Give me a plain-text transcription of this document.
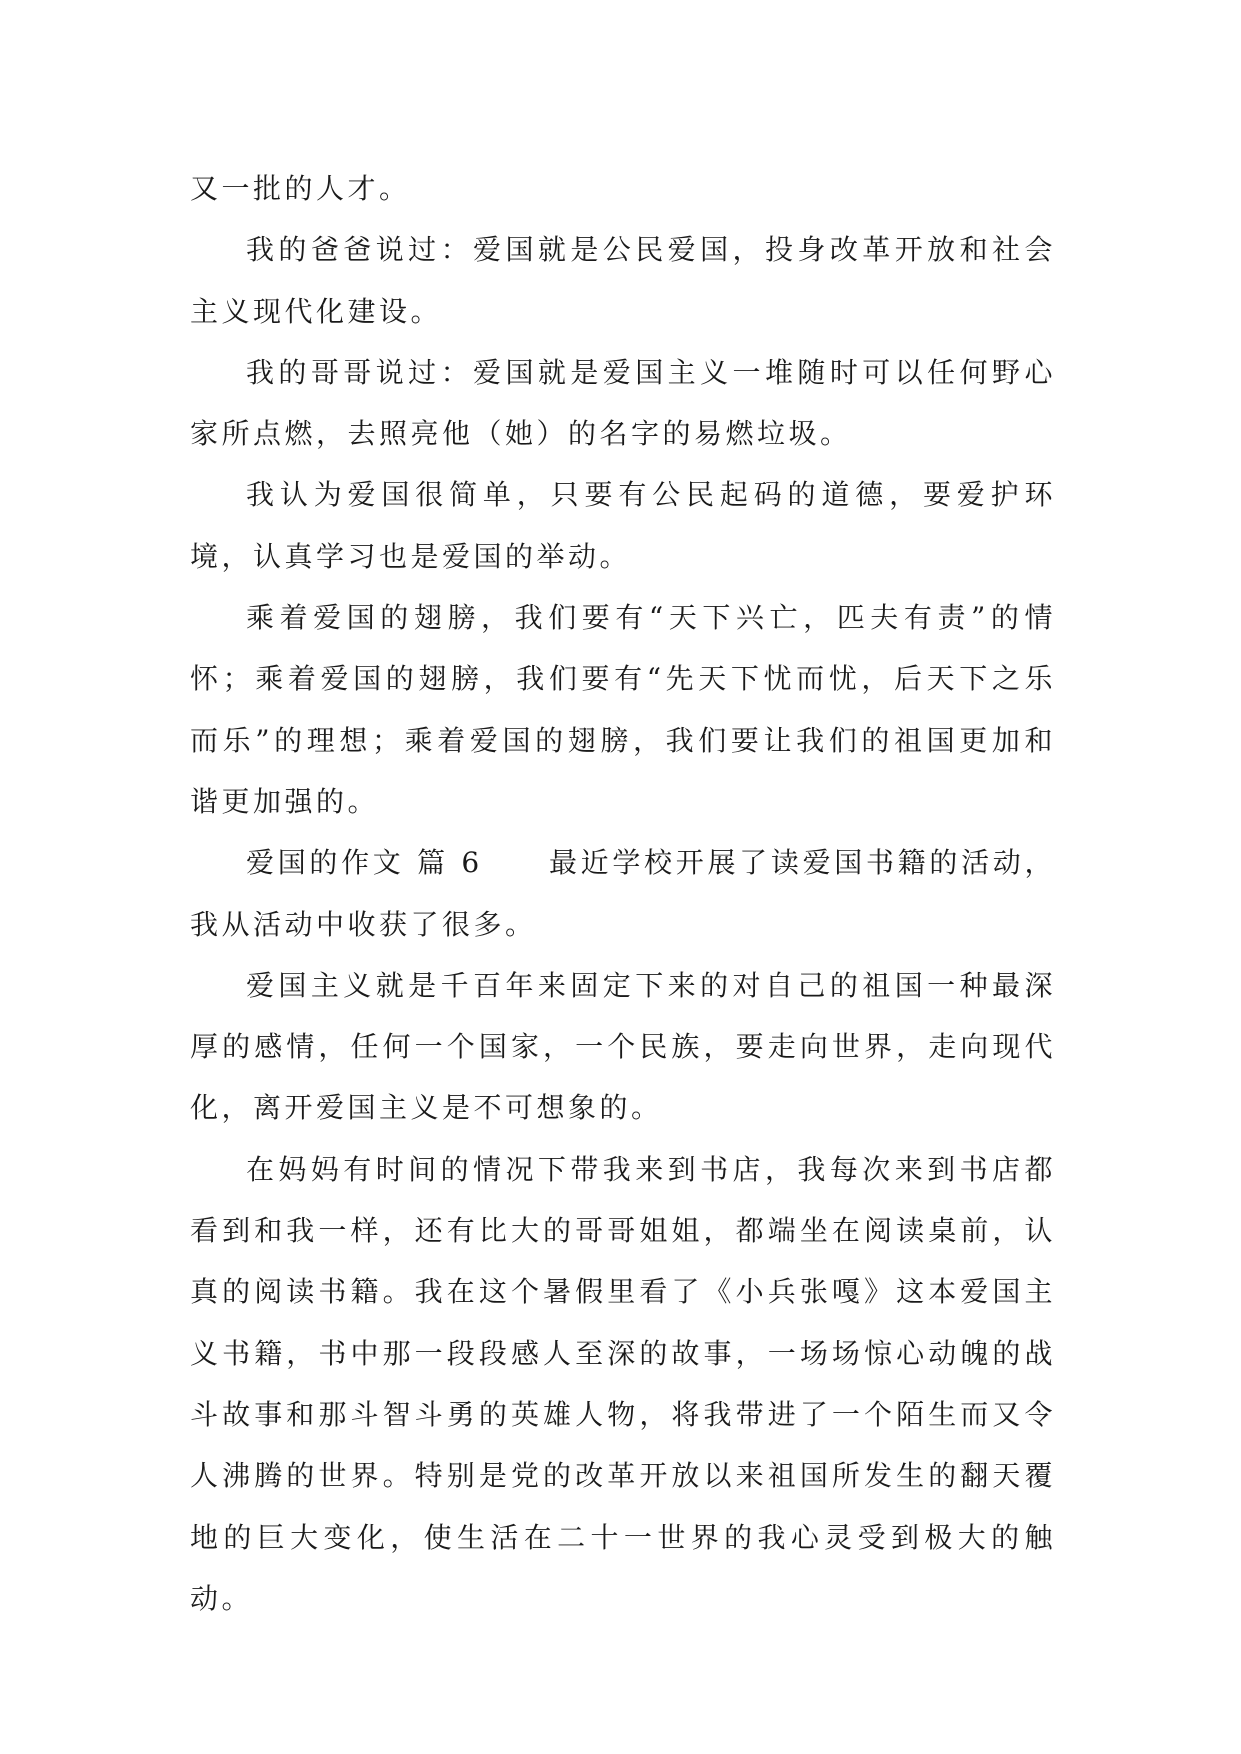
又一批的人才。

我的爸爸说过：爱国就是公民爱国，投身改革开放和社会主义现代化建设。

我的哥哥说过：爱国就是爱国主义一堆随时可以任何野心家所点燃，去照亮他（她）的名字的易燃垃圾。

我认为爱国很简单，只要有公民起码的道德，要爱护环境，认真学习也是爱国的举动。

乘着爱国的翅膀，我们要有“天下兴亡，匹夫有责”的情怀；乘着爱国的翅膀，我们要有“先天下忧而忧，后天下之乐而乐”的理想；乘着爱国的翅膀，我们要让我们的祖国更加和谐更加强的。

爱国的作文 篇 6 最近学校开展了读爱国书籍的活动，我从活动中收获了很多。

爱国主义就是千百年来固定下来的对自己的祖国一种最深厚的感情，任何一个国家，一个民族，要走向世界，走向现代化，离开爱国主义是不可想象的。

在妈妈有时间的情况下带我来到书店，我每次来到书店都看到和我一样，还有比大的哥哥姐姐，都端坐在阅读桌前，认真的阅读书籍。我在这个暑假里看了《小兵张嘎》这本爱国主义书籍，书中那一段段感人至深的故事，一场场惊心动魄的战斗故事和那斗智斗勇的英雄人物，将我带进了一个陌生而又令人沸腾的世界。特别是党的改革开放以来祖国所发生的翻天覆地的巨大变化，使生活在二十一世界的我心灵受到极大的触动。
